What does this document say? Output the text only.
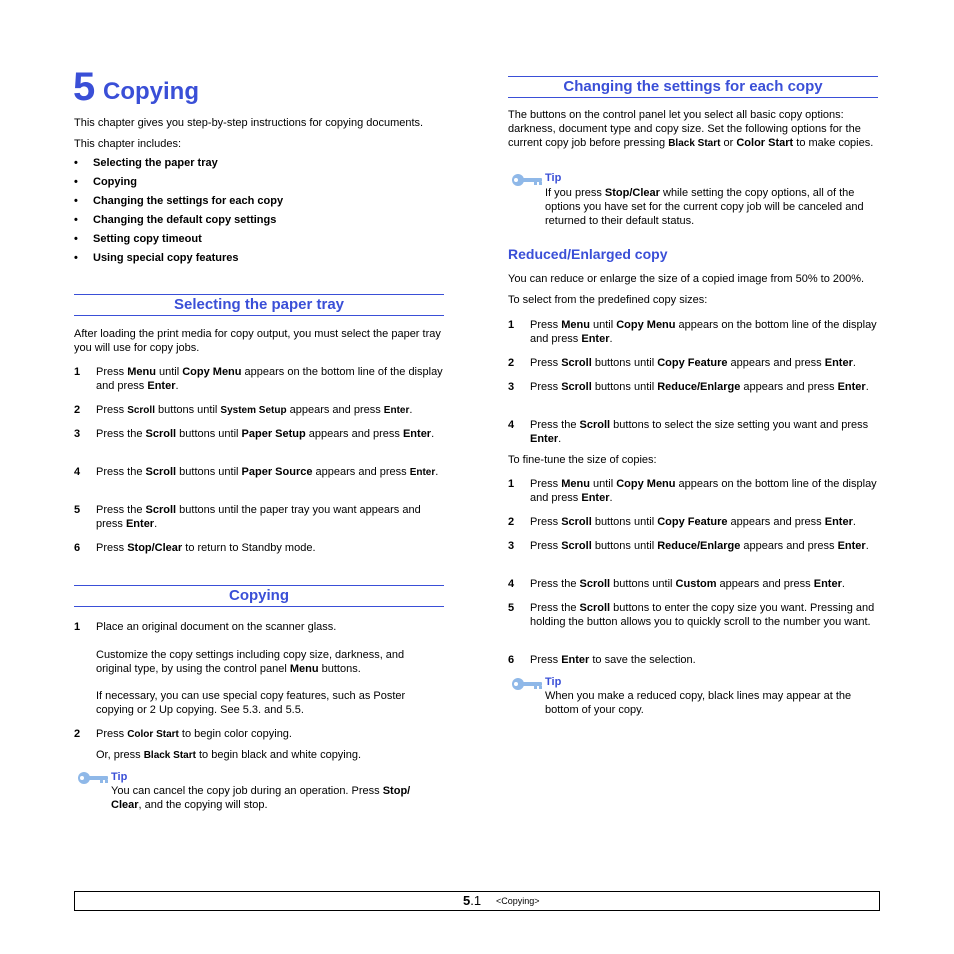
5 Copying
This chapter gives you step-by-step instructions for copying documents.
This chapter includes:
• Selecting the paper tray
• Copying
• Changing the settings for each copy
• Changing the default copy settings
• Setting copy timeout
• Using special copy features
Selecting the paper tray
After loading the print media for copy output, you must select the paper tray you will use for copy jobs.
1 Press Menu until Copy Menu appears on the bottom line of the display and press Enter.
2 Press Scroll buttons until System Setup appears and press Enter.
3 Press the Scroll buttons until Paper Setup appears and press Enter.
4 Press the Scroll buttons until Paper Source appears and press Enter.
5 Press the Scroll buttons until the paper tray you want appears and press Enter.
6 Press Stop/Clear to return to Standby mode.
Copying
1 Place an original document on the scanner glass.
Customize the copy settings including copy size, darkness, and original type, by using the control panel Menu buttons.
If necessary, you can use special copy features, such as Poster copying or 2 Up copying. See 5.3. and 5.5.
2 Press Color Start to begin color copying.
Or, press Black Start to begin black and white copying.
Tip
You can cancel the copy job during an operation. Press Stop/ Clear, and the copying will stop.
Changing the settings for each copy
The buttons on the control panel let you select all basic copy options: darkness, document type and copy size. Set the following options for the current copy job before pressing Black Start or Color Start to make copies.
Tip
If you press Stop/Clear while setting the copy options, all of the options you have set for the current copy job will be canceled and returned to their default status.
Reduced/Enlarged copy
You can reduce or enlarge the size of a copied image from 50% to 200%.
To select from the predefined copy sizes:
1 Press Menu until Copy Menu appears on the bottom line of the display and press Enter.
2 Press Scroll buttons until Copy Feature appears and press Enter.
3 Press Scroll buttons until Reduce/Enlarge appears and press Enter.
4 Press the Scroll buttons to select the size setting you want and press Enter.
To fine-tune the size of copies:
1 Press Menu until Copy Menu appears on the bottom line of the display and press Enter.
2 Press Scroll buttons until Copy Feature appears and press Enter.
3 Press Scroll buttons until Reduce/Enlarge appears and press Enter.
4 Press the Scroll buttons until Custom appears and press Enter.
5 Press the Scroll buttons to enter the copy size you want. Pressing and holding the button allows you to quickly scroll to the number you want.
6 Press Enter to save the selection.
Tip
When you make a reduced copy, black lines may appear at the bottom of your copy.
5.1 <Copying>
